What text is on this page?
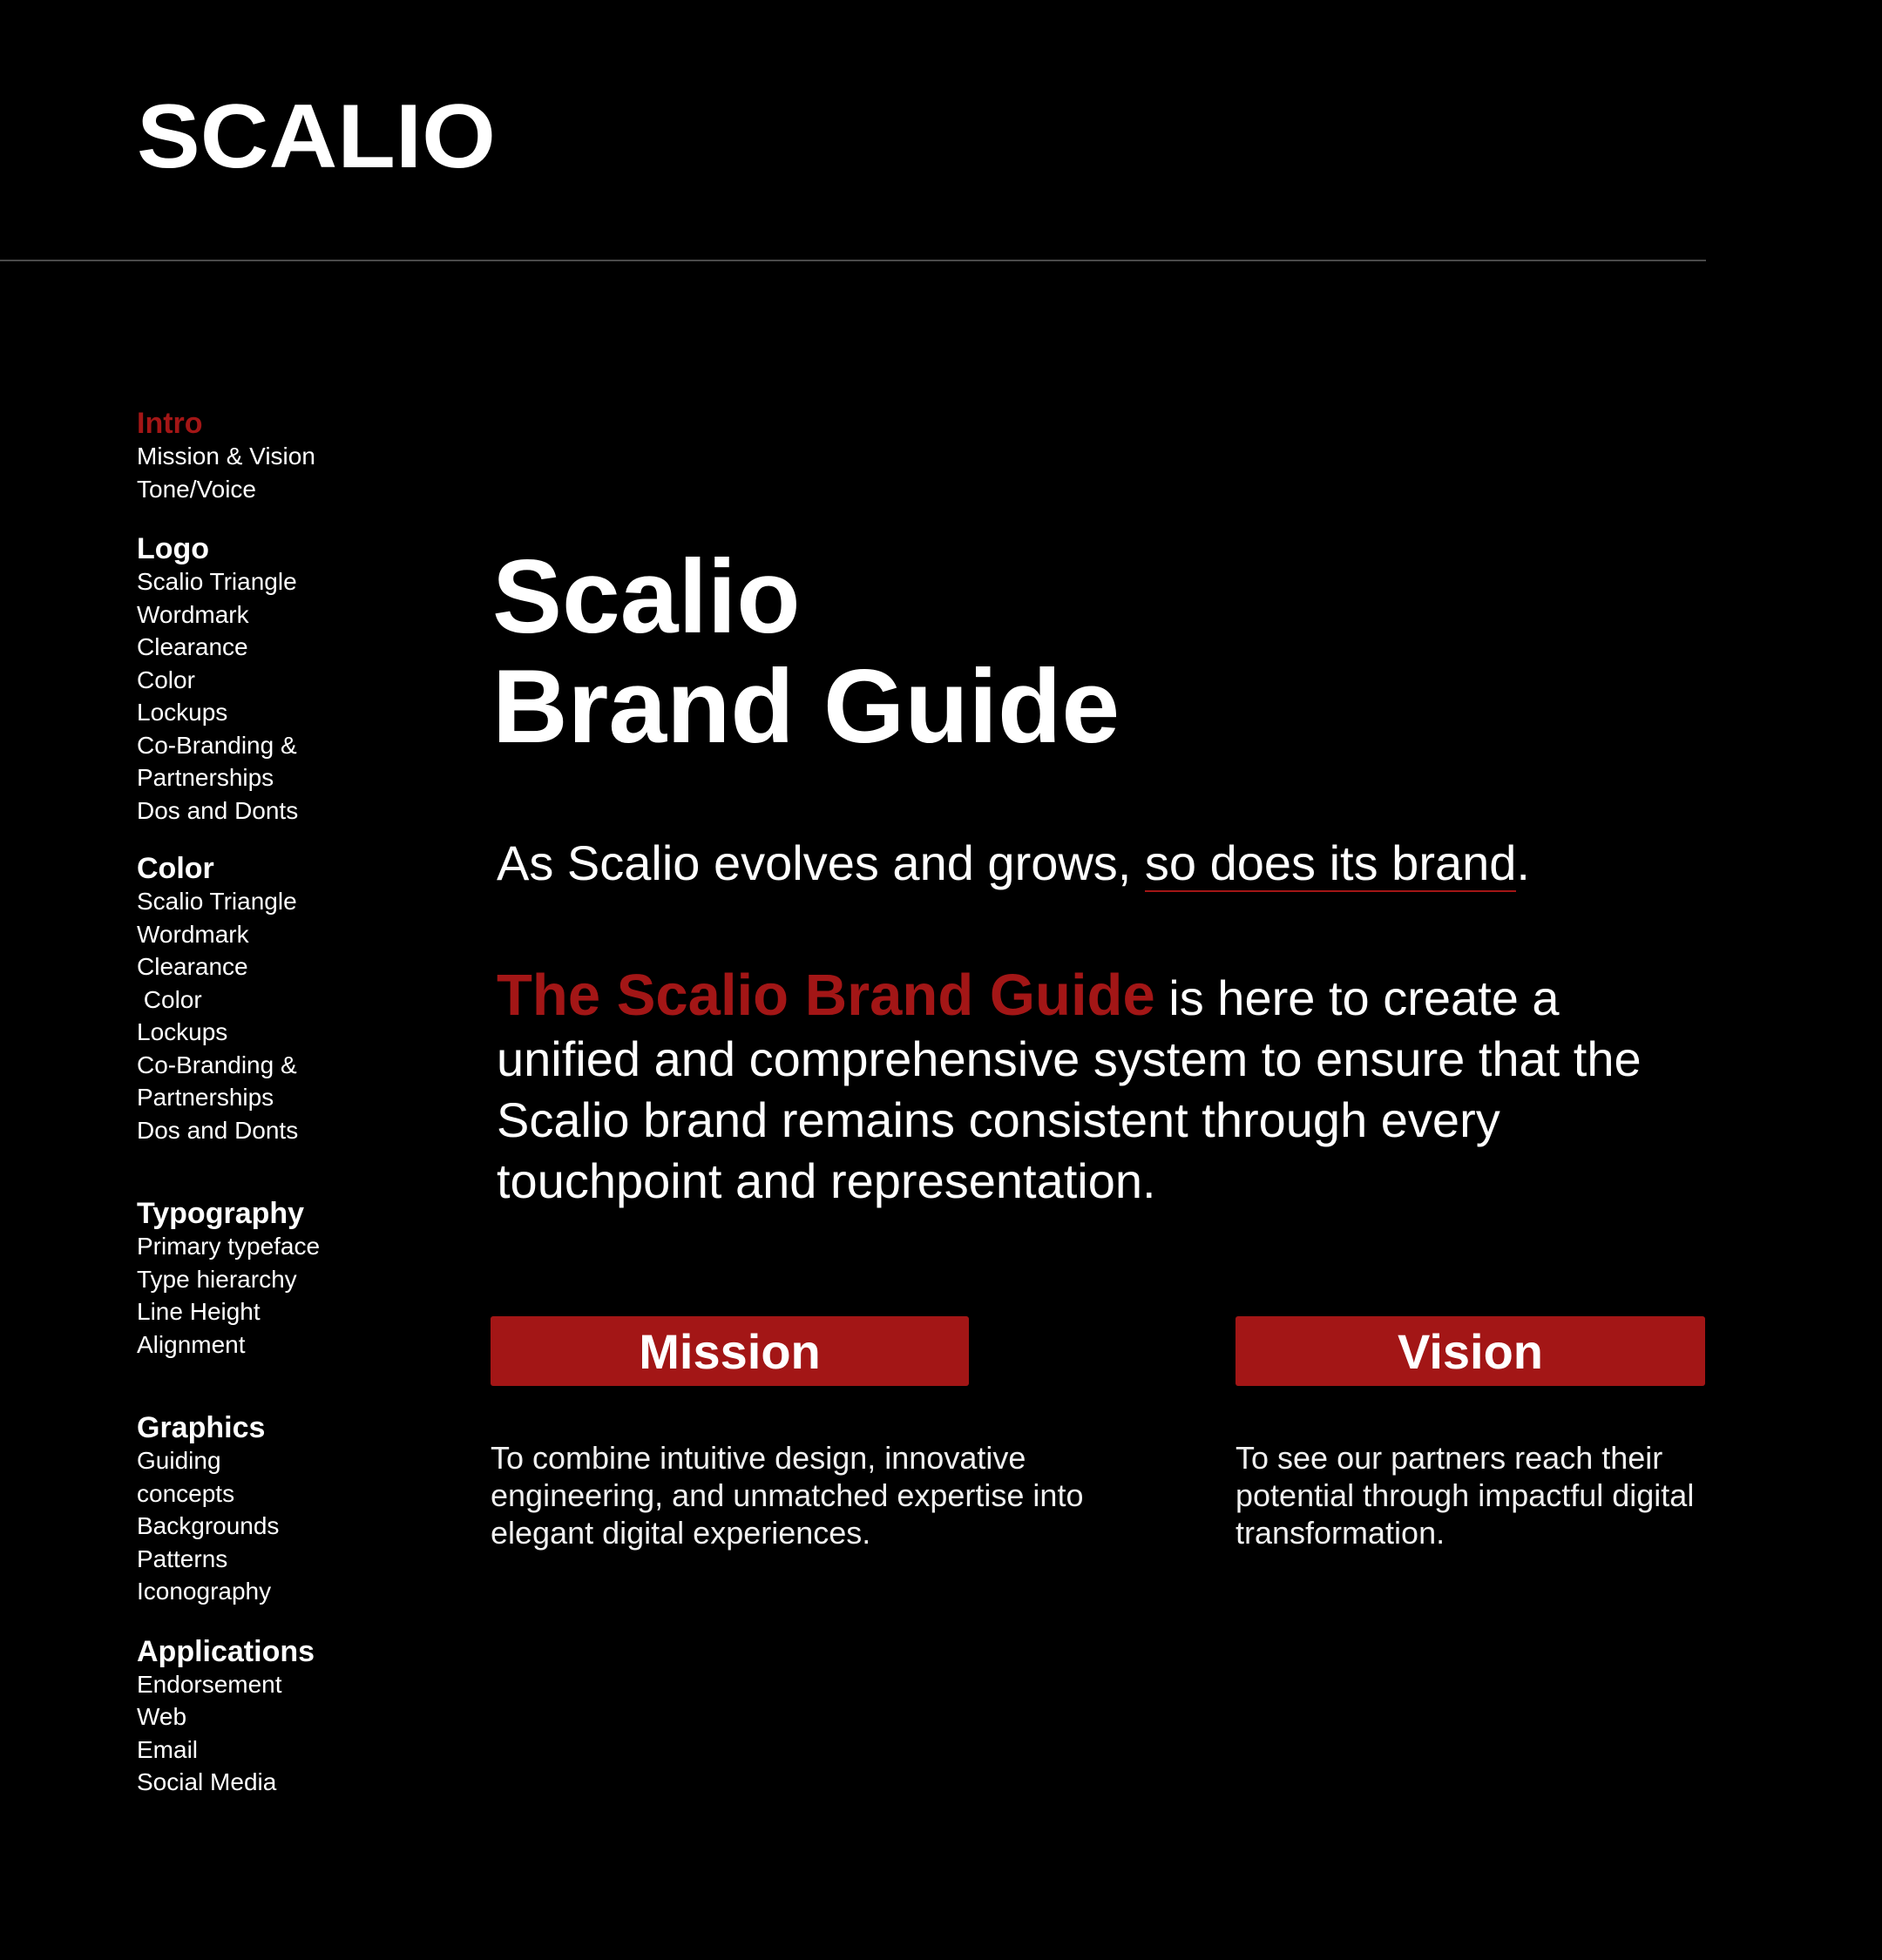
SCALIO
Intro
Mission & Vision
Tone/Voice
Logo
Scalio Triangle
Wordmark
Clearance
Color
Lockups
Co-Branding &
Partnerships
Dos and Donts
Color
Scalio Triangle
Wordmark
Clearance
Color
Lockups
Co-Branding &
Partnerships
Dos and Donts
Typography
Primary typeface
Type hierarchy
Line Height
Alignment
Graphics
Guiding
concepts
Backgrounds
Patterns
Iconography
Applications
Endorsement
Web
Email
Social Media
Scalio
Brand Guide

As Scalio evolves and grows, so does its brand.

The Scalio Brand Guide is here to create a unified and comprehensive system to ensure that the Scalio brand remains consistent through every touchpoint and representation.

Mission

To combine intuitive design, innovative engineering, and unmatched expertise into elegant digital experiences.

Vision

To see our partners reach their potential through impactful digital transformation.
